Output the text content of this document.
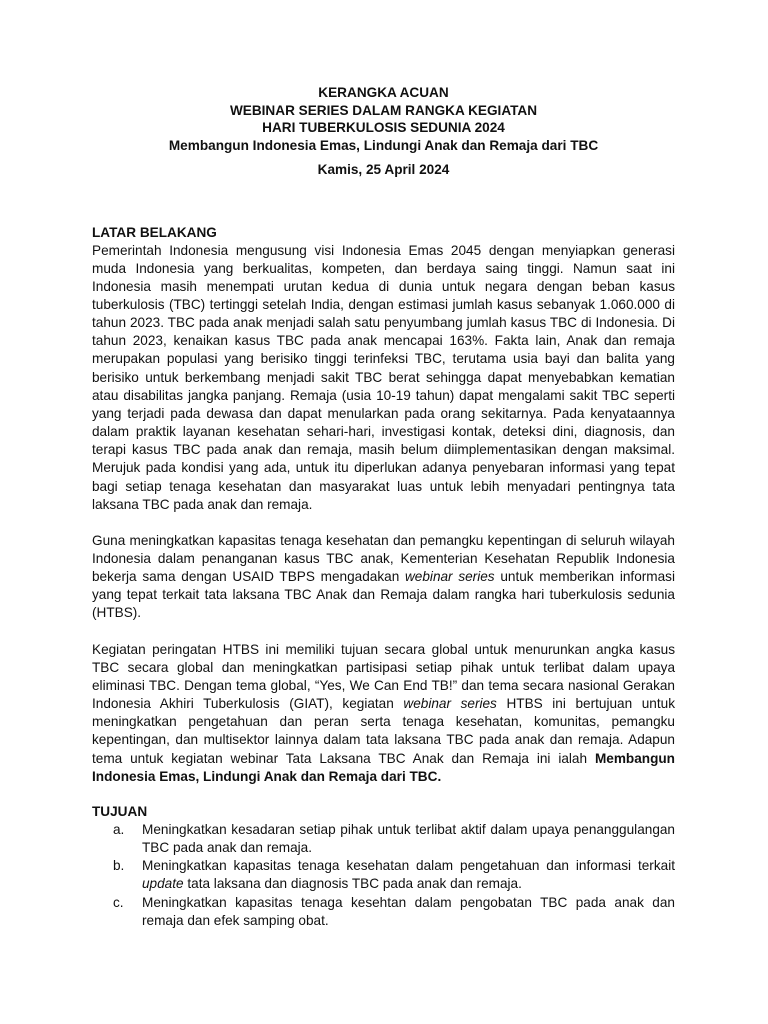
KERANGKA ACUAN
WEBINAR SERIES DALAM RANGKA KEGIATAN
HARI TUBERKULOSIS SEDUNIA 2024
Membangun Indonesia Emas, Lindungi Anak dan Remaja dari TBC
Kamis, 25 April 2024
LATAR BELAKANG

Pemerintah Indonesia mengusung visi Indonesia Emas 2045 dengan menyiapkan generasi muda Indonesia yang berkualitas, kompeten, dan berdaya saing tinggi. Namun saat ini Indonesia masih menempati urutan kedua di dunia untuk negara dengan beban kasus tuberkulosis (TBC) tertinggi setelah India, dengan estimasi jumlah kasus sebanyak 1.060.000 di tahun 2023. TBC pada anak menjadi salah satu penyumbang jumlah kasus TBC di Indonesia. Di tahun 2023, kenaikan kasus TBC pada anak mencapai 163%. Fakta lain, Anak dan remaja merupakan populasi yang berisiko tinggi terinfeksi TBC, terutama usia bayi dan balita yang berisiko untuk berkembang menjadi sakit TBC berat sehingga dapat menyebabkan kematian atau disabilitas jangka panjang. Remaja (usia 10-19 tahun) dapat mengalami sakit TBC seperti yang terjadi pada dewasa dan dapat menularkan pada orang sekitarnya. Pada kenyataannya dalam praktik layanan kesehatan sehari-hari, investigasi kontak, deteksi dini, diagnosis, dan terapi kasus TBC pada anak dan remaja, masih belum diimplementasikan dengan maksimal. Merujuk pada kondisi yang ada, untuk itu diperlukan adanya penyebaran informasi yang tepat bagi setiap tenaga kesehatan dan masyarakat luas untuk lebih menyadari pentingnya tata laksana TBC pada anak dan remaja.

Guna meningkatkan kapasitas tenaga kesehatan dan pemangku kepentingan di seluruh wilayah Indonesia dalam penanganan kasus TBC anak, Kementerian Kesehatan Republik Indonesia bekerja sama dengan USAID TBPS mengadakan webinar series untuk memberikan informasi yang tepat terkait tata laksana TBC Anak dan Remaja dalam rangka hari tuberkulosis sedunia (HTBS).

Kegiatan peringatan HTBS ini memiliki tujuan secara global untuk menurunkan angka kasus TBC secara global dan meningkatkan partisipasi setiap pihak untuk terlibat dalam upaya eliminasi TBC. Dengan tema global, “Yes, We Can End TB!” dan tema secara nasional Gerakan Indonesia Akhiri Tuberkulosis (GIAT), kegiatan webinar series HTBS ini bertujuan untuk meningkatkan pengetahuan dan peran serta tenaga kesehatan, komunitas, pemangku kepentingan, dan multisektor lainnya dalam tata laksana TBC pada anak dan remaja. Adapun tema untuk kegiatan webinar Tata Laksana TBC Anak dan Remaja ini ialah Membangun Indonesia Emas, Lindungi Anak dan Remaja dari TBC.

TUJUAN
a. Meningkatkan kesadaran setiap pihak untuk terlibat aktif dalam upaya penanggulangan TBC pada anak dan remaja.
b. Meningkatkan kapasitas tenaga kesehatan dalam pengetahuan dan informasi terkait update tata laksana dan diagnosis TBC pada anak dan remaja.
c. Meningkatkan kapasitas tenaga kesehtan dalam pengobatan TBC pada anak dan remaja dan efek samping obat.
